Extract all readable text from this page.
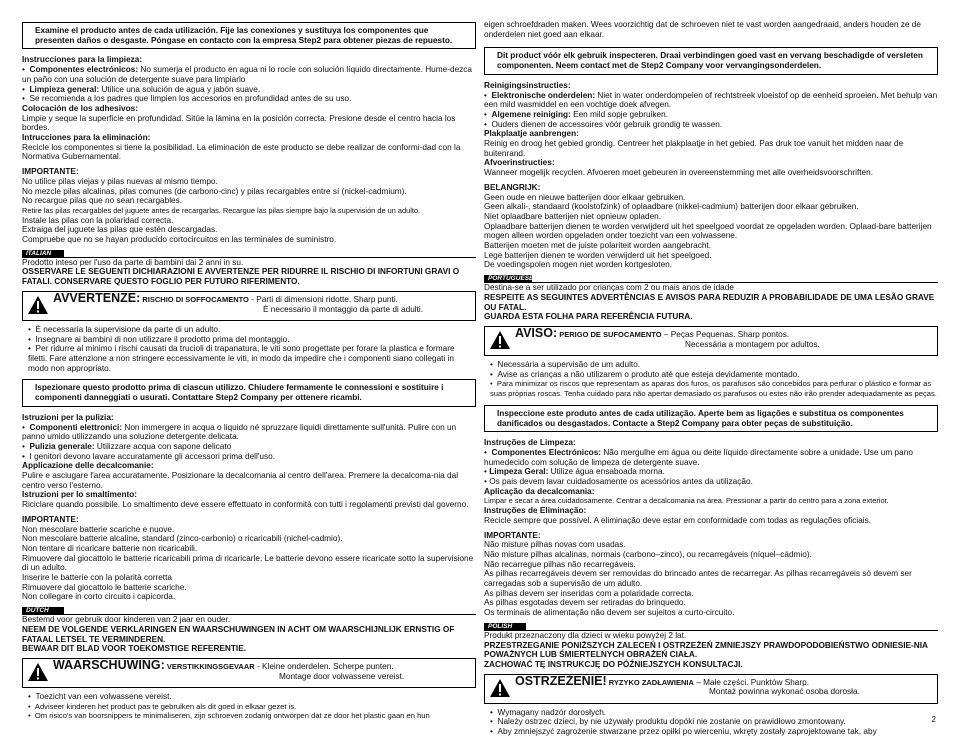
Examine el producto antes de cada utilización. Fije las conexiones y sustituya los componentes que presenten daños o desgaste. Póngase en contacto con la empresa Step2 para obtener piezas de repuesto.

Instrucciones para la limpieza:

•  Componentes electrónicos: No sumerja el producto en agua ni lo rocíe con solución líquido directamente. Hume-dezca un paño con una solución de detergente suave para limpiarlo

•  Limpieza general: Utilice una solución de agua y jabón suave.

•  Se recomienda a los padres que limpien los accesorios en profundidad antes de su uso.

Colocación de los adhesivos:

Limpie y seque la superficie en profundidad. Sitúe la lámina en la posición correcta. Presione desde el centro hacia los bordes.

Intrucciones para la eliminación:

Recicle los componentes si tiene la posibilidad. La eliminación de este producto se debe realizar de conformi-dad con la Normativa Gubernamental.

IMPORTANTE:

No utilice pilas viejas y pilas nuevas al mismo tiempo.

No mezcle pilas alcalinas, pilas comunes (de carbono-cinc) y pilas recargables entre sí (nickel-cadmium).

No recargue pilas que no sean recargables.

Retire las pilas recargables del juguete antes de recargarlas. Recargue las pilas siempre bajo la supervisión de un adulto.

Instale las pilas con la polaridad correcta.

Extraiga del juguete las pilas que estén descargadas.

Compruebe que no se hayan producido cortocircuitos en las terminales de suministro.

ITALIAN

Prodotto inteso per l'uso da parte di bambini dai 2 anni in su.

OSSERVARE LE SEGUENTI DICHIARAZIONI E AVVERTENZE PER RIDURRE IL RISCHIO DI INFORTUNI GRAVI O FATALI. CONSERVARE QUESTO FOGLIO PER FUTURO RIFERIMENTO.

AVVERTENZE: RISCHIO DI SOFFOCAMENTO - Parti di dimensioni ridotte. Sharp punti.
È necessario il montaggio da parte di adulti.

•  È necessaria la supervisione da parte di un adulto.

•  Insegnare ai bambini di non utilizzare il prodotto prima del montaggio.

•  Per ridurre al minimo i rischi causati da trucioli di trapanatura, le viti sono progettate per forare la plastica e formare filetti. Fare attenzione a non stringere eccessivamente le viti, in modo da impedire che i componenti siano collegati in modo non appropriato.

Ispezionare questo prodotto prima di ciascun utilizzo. Chiudere fermamente le connessioni e sostituire i componenti danneggiati o usurati. Contattare Step2 Company per ottenere ricambi.

Istruzioni per la pulizia:

•  Componenti elettronici: Non immergere in acqua o liquido né spruzzare liquidi direttamente sull'unità. Pulire con un panno umido utilizzando una soluzione detergente delicata.

•  Pulizia generale: Utilizzare acqua con sapone delicato

•  I genitori devono lavare accuratamente gli accessori prima dell'uso.

Applicazione delle decalcomanie:

Pulire e asciugare l'area accuratamente. Posizionare la decalcomania al centro dell'area. Premere la decalcoma-nia dal centro verso l'esterno.

Istruzioni per lo smaltimento:

Riciclare quando possibile. Lo smaltimento deve essere effettuato in conformità con tutti i regolamenti previsti dal governo.

IMPORTANTE:

Non mescolare batterie scariche e nuove.

Non mescolare batterie alcaline, standard (zinco-carbonio) o ricaricabili (nichel-cadmio).

Non tentare di ricaricare batterie non ricaricabili.

Rimuovere dal giocattolo le batterie ricaricabili prima di ricaricarle. Le batterie devono essere ricaricate sotto la supervisione di un adulto.

Inserire le batterie con la polarità corretta

Rimuovere dal giocattolo le batterie scariche.

Non collegare in corto circuito i capicorda.

DUTCH

Bestemd voor gebruik door kinderen van 2 jaar en ouder.

NEEM DE VOLGENDE VERKLARINGEN EN WAARSCHUWINGEN IN ACHT OM WAARSCHIJNLIJK ERNSTIG OF FATAAL LETSEL TE VERMINDEREN.

BEWAAR DIT BLAD VOOR TOEKOMSTIGE REFERENTIE.

WAARSCHUWING: VERSTIKKINGSGEVAAR - Kleine onderdelen. Scherpe punten.
Montage door volwassene vereist.

•  Toezicht van een volwassene vereist.

•  Adviseer kinderen het product pas te gebruiken als dit goed in elkaar gezet is.

•  Om risico's van boorsnippers te minimaliseren, zijn schroeven zodanig ontworpen dat ze door het plastic gaan en hun

eigen schroefdraden maken. Wees voorzichtig dat de schroeven niet te vast worden aangedraaid, anders houden ze de onderdelen niet goed aan elkaar.

Dit product vóór elk gebruik inspecteren. Draai verbindingen goed vast en vervang beschadigde of versleten componenten. Neem contact met de Step2 Company voor vervangingsonderdelen.

Reinigingsinstructies:

•  Elektronische onderdelen: Niet in water onderdompelen of rechtstreek vloeistof op de eenheid sproeien. Met behulp van een mild wasmiddel en een vochtige doek afvegen.

•  Algemene reiniging: Een mild sopje gebruiken.

•  Ouders dienen de accessoires vóór gebruik grondig te wassen.

Plakplaatje aanbrengen:

Reinig en droog het gebied grondig. Centreer het plakplaatje in het gebied. Pas druk toe vanuit het midden naar de buitenrand.

Afvoerinstructies:

Wanneer mogelijk recyclen. Afvoeren moet gebeuren in overeenstemming met alle overheidsvoorschriften.

BELANGRIJK:

Geen oude en nieuwe batterijen door elkaar gebruiken.

Geen alkali-, standaard (koolstofzink) of oplaadbare (nikkel-cadmium) batterijen door elkaar gebruiken.

Niet oplaadbare batterijen niet opnieuw opladen.

Oplaadbare batterijen dienen te worden verwijderd uit het speelgoed voordat ze opgeladen worden. Oplaad-bare batterijen mogen alleen worden opgeladen onder toezicht van een volwassene.

Batterijen moeten met de juiste polariteit worden aangebracht.

Lege batterijen dienen te worden verwijderd uit het speelgoed.

De voedingspolen mogen niet worden kortgesloten.

PORTUGUESE

Destina-se a ser utilizado por crianças com 2 ou mais anos de idade

RESPEITE AS SEGUINTES ADVERTÊNCIAS E AVISOS PARA REDUZIR A PROBABILIDADE DE UMA LESÃO GRAVE OU FATAL.

GUARDA ESTA FOLHA PARA REFERÊNCIA FUTURA.

AVISO: PERIGO DE SUFOCAMENTO – Peças Pequenas. Sharp pontos.
Necessária a montagem por adultos.

•  Necessária a supervisão de um adulto.

•  Avise as crianças a não utilizarem o produto até que esteja devidamente montado.

•  Para minimizar os riscos que representam as aparas dos furos, os parafusos são concebidos para perfurar o plástico e formar as suas próprias roscas. Tenha cuidado para não apertar demasiado os parafusos ou estes não irão prender adequadamente as peças.

Inspeccione este produto antes de cada utilização. Aperte bem as ligações e substitua os componentes danificados ou desgastados. Contacte a Step2 Company para obter peças de substituição.

Instruções de Limpeza:

•  Componentes Electrónicos: Não mergulhe em água ou deite líquido directamente sobre a unidade. Use um pano humedecido com solução de limpeza de detergente suave.

• Limpeza Geral: Utilize água ensaboada morna.

• Os pais devem lavar cuidadosamente os acessórios antes da utilização.

Aplicação da decalcomania:

Limpar e secar a área cuidadosamente. Centrar a decalcomania na área. Pressionar a partir do centro para a zona exterior.

Instruções de Eliminação:

Recicle sempre que possível. A eliminação deve estar em conformidade com todas as regulações oficiais.

IMPORTANTE:

Não misture pilhas novas com usadas.

Não misture pilhas alcalinas, normais (carbono–zinco), ou recarregáveis (níquel–cádmio).

Não recarregue pilhas não recarregáveis.

As pilhas recarregáveis devem ser removidas do brincado antes de recarregar. As pilhas recarregáveis só devem ser carregadas sob a supervisão de um adulto.

As pilhas devem ser inseridas com a polaridade correcta.

As pilhas esgotadas devem ser retiradas do brinquedo.

Os terminais de alimentação não devem ser sujeitos a curto-circuito.

POLISH

Produkt przeznaczony dla dzieci w wieku powyżej 2 lat.

PRZESTRZEGANIE PONIŻSZYCH ZALECEŃ I OSTRZEŻEŃ ZMNIEJSZY PRAWDOPODOBIEŃSTWO ODNIESIE-NIA POWAŻNYCH LUB ŚMIERTELNYCH OBRAŻEŃ CIAŁA.

ZACHOWAĆ TĘ INSTRUKCJĘ DO PÓŹNIEJSZYCH KONSULTACJI.

OSTRZEŻENIE! RYZYKO ZADŁAWIENIA – Małe części. Punktów Sharp.
Montaż powinna wykonać osoba dorosła.

•  Wymagany nadzór dorosłych.

•  Należy ostrzec dzieci, by nie używały produktu dopóki nie zostanie on prawidłowo zmontowany.

•  Aby zmniejszyć zagrożenie stwarzane przez opiłki po wierceniu, wkręty zostały zaprojektowane tak, aby

2
